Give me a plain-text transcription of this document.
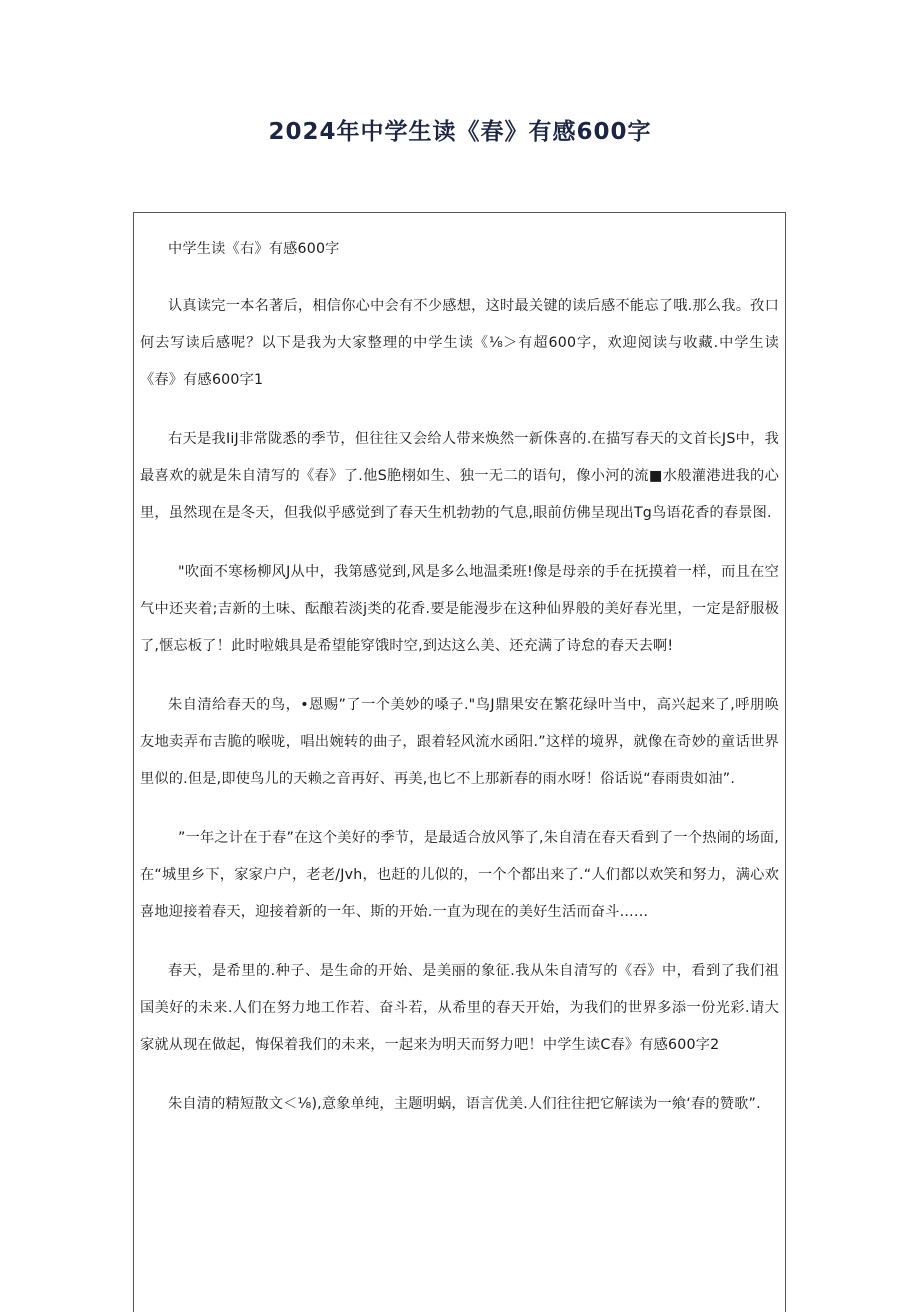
2024年中学生读《春》有感600字

中学生读《右》有感600字

认真读完一本名著后，相信你心中会有不少感想，这时最关键的读后感不能忘了哦.那么我。孜口何去写读后感呢？以下是我为大家整理的中学生读《⅛＞有超600字，欢迎阅读与收藏.中学生读《春》有感600字1

右天是我IiJ非常陇悉的季节，但往往又会给人带来焕然一新侏喜的.在描写春天的文首长JS中，我最喜欢的就是朱自清写的《春》了.他S脃栩如生、独一无二的语句，像小河的流■水般灌港进我的心里，虽然现在是冬天，但我似乎感觉到了春天生机勃勃的气息,眼前仿佛呈现出Tg鸟语花香的春景图.

"吹面不寒杨柳风J从中，我第感觉到,风是多么地温柔班!像是母亲的手在抚摸着一样，而且在空气中还夹着;吉新的土味、酝酿若淡j类的花香.要是能漫步在这种仙界般的美好春光里，一定是舒服极了,惬忘板了！此时啦娥具是希望能穿饿时空,到达这么美、还充满了诗怠的春天去啊!

朱自清给春天的鸟，•恩赐”了一个美妙的嗓子."鸟J鼎果安在繁花绿叶当中，高兴起来了,呼朋唤友地卖弄布吉脆的喉咙，唱出婉转的曲子，跟着轻风流水函阳.”这样的境界，就像在奇妙的童话世界里似的.但是,即使鸟儿的天赖之音再好、再美,也匕不上那新春的雨水呀！俗话说“春雨贵如油”.

”一年之计在于春”在这个美好的季节，是最适合放风筝了,朱自清在春天看到了一个热闹的场面,在“城里乡下，家家户户，老老/Jvh，也赶的儿似的，一个个都出来了.“人们都以欢笑和努力，满心欢喜地迎接着春天，迎接着新的一年、斯的开始.一直为现在的美好生活而奋斗……

春天，是希里的.种子、是生命的开始、是美丽的象征.我从朱自清写的《吞》中，看到了我们祖国美好的未来.人们在努力地工作若、奋斗若，从希里的春天开始，为我们的世界多添一份光彩.请大家就从现在做起，悔保着我们的未来，一起来为明天而努力吧！中学生读C春》有感600字2

朱自清的精短散文＜⅛),意象单纯，主题明蜗，语言优美.人们往往把它解读为一飨‘春的赞歌”.
